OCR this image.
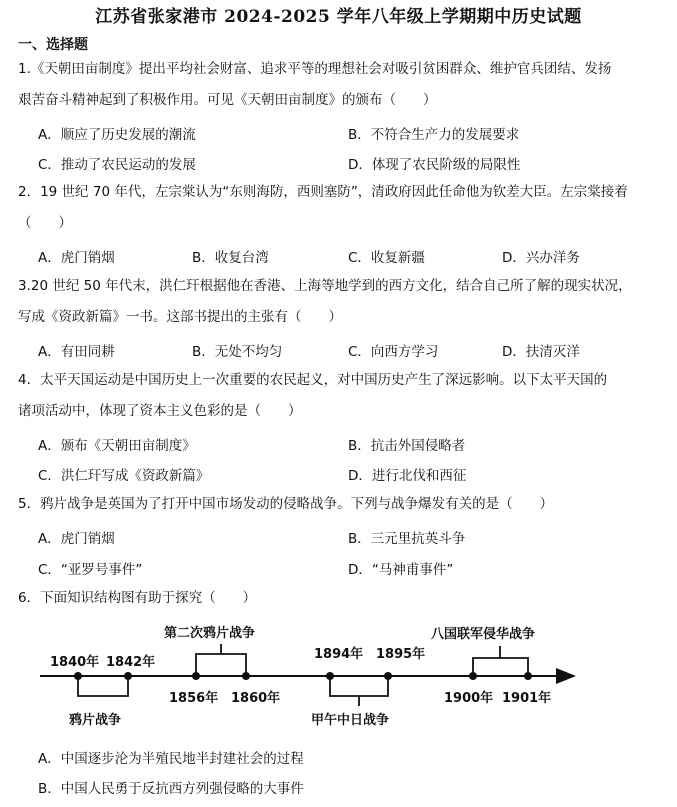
江苏省张家港市 2024-2025 学年八年级上学期期中历史试题
一、选择题
1.《天朝田亩制度》提出平均社会财富、追求平等的理想社会对吸引贫困群众、维护官兵团结、发扬
艰苦奋斗精神起到了积极作用。可见《天朝田亩制度》的颁布（　　）
A．顺应了历史发展的潮流	B．不符合生产力的发展要求
C．推动了农民运动的发展	D．体现了农民阶级的局限性
2．19 世纪 70 年代，左宗棠认为“东则海防，西则塞防”，清政府因此任命他为钦差大臣。左宗棠接着
（　　）
A．虎门销烟	B．收复台湾	C．收复新疆	D．兴办洋务
3.20 世纪 50 年代末，洪仁玕根据他在香港、上海等地学到的西方文化，结合自己所了解的现实状况，
写成《资政新篇》一书。这部书提出的主张有（　　）
A．有田同耕	B．无处不均匀	C．向西方学习	D．扶清灭洋
4．太平天国运动是中国历史上一次重要的农民起义，对中国历史产生了深远影响。以下太平天国的
诸项活动中，体现了资本主义色彩的是（　　）
A．颁布《天朝田亩制度》	B．抗击外国侵略者
C．洪仁玕写成《资政新篇》	D．进行北伐和西征
5．鸦片战争是英国为了打开中国市场发动的侵略战争。下列与战争爆发有关的是（　　）
A．虎门销烟	B．三元里抗英斗争
C．“亚罗号事件”	D．“马神甫事件”
6．下面知识结构图有助于探究（　　）
1840年 1842年
鸦片战争
第二次鸦片战争
1856年 1860年
1894年 1895年
甲午中日战争
八国联军侵华战争
1900年 1901年
A．中国逐步沦为半殖民地半封建社会的过程
B．中国人民勇于反抗西方列强侵略的大事件
